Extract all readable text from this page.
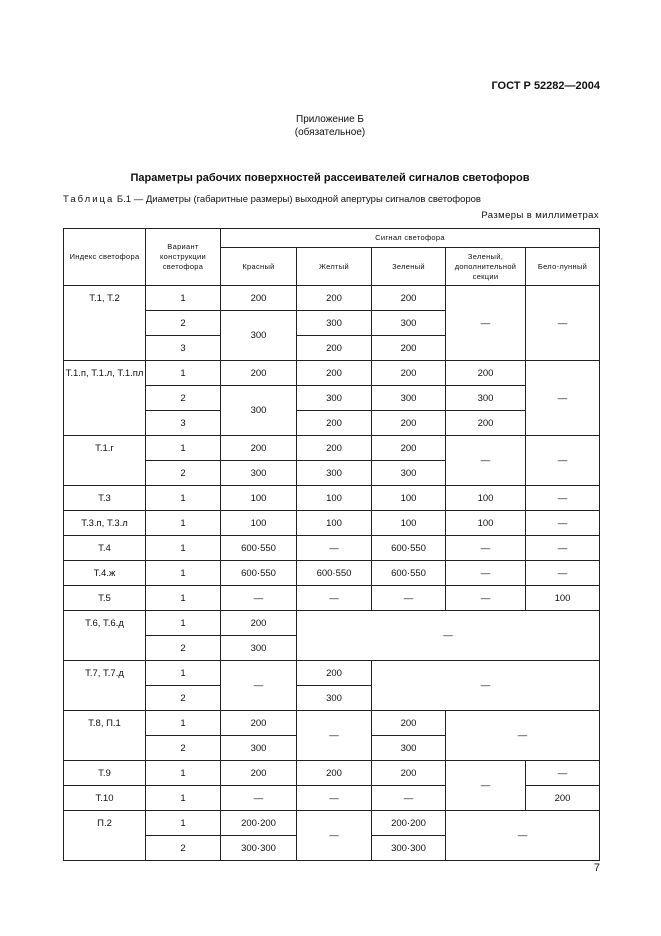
ГОСТ Р 52282—2004
Приложение Б
(обязательное)
Параметры рабочих поверхностей рассеивателей сигналов светофоров
Таблица Б.1 — Диаметры (габаритные размеры) выходной апертуры сигналов светофоров
Размеры в миллиметрах
Индекс светофора	Вариант конструкции светофора	Сигнал светофора				
		Красный	Желтый	Зеленый	Зеленый, дополнительной секции	Бело-лунный
Т.1, Т.2	1	200	200	200	—	—
	2	300	300	300		
	3		200	200		
Т.1.п, Т.1.л, Т.1.пл	1	200	200	200	200	—
	2	300	300	300	300	
	3		200	200	200	
Т.1.г	1	200	200	200	—	—
	2	300	300	300		
Т.3	1	100	100	100	100	—
Т.3.п, Т.3.л	1	100	100	100	100	—
Т.4	1	600·550	—	600·550	—	—
Т.4.ж	1	600·550	600·550	600·550	—	—
Т.5	1	—	—	—	—	100
Т.6, Т.6.д	1	200	—			
	2	300				
Т.7, Т.7.д	1	—	200	—		
	2		300			
Т.8, П.1	1	200	—	200	—	
	2	300		300		
Т.9	1	200	200	200	—	—
Т.10	1	—	—	—		200
П.2	1	200·200	—	200·200	—	
	2	300·300		300·300		
7
